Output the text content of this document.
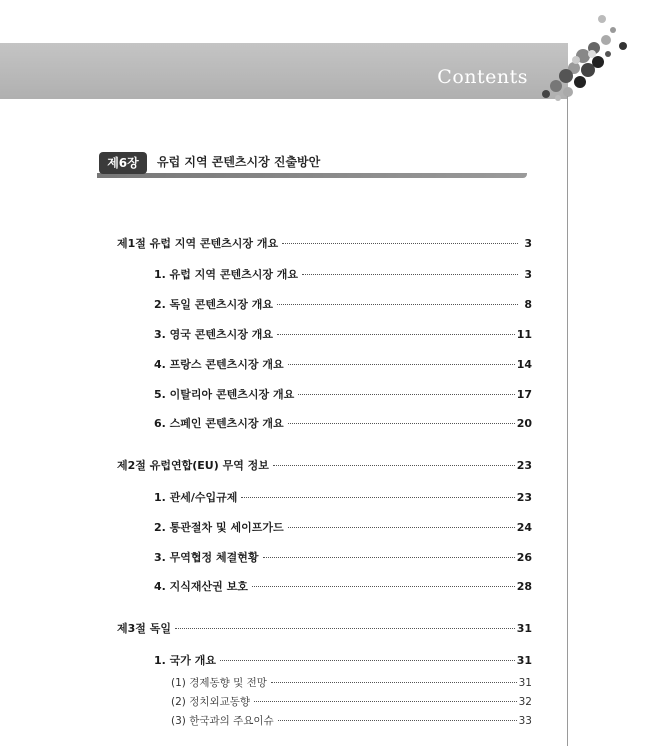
Contents
제6장	유럽 지역 콘텐츠시장 진출방안
제1절 유럽 지역 콘텐츠시장 개요	3
1. 유럽 지역 콘텐츠시장 개요	3
2. 독일 콘텐츠시장 개요	8
3. 영국 콘텐츠시장 개요	11
4. 프랑스 콘텐츠시장 개요	14
5. 이탈리아 콘텐츠시장 개요	17
6. 스페인 콘텐츠시장 개요	20
제2절 유럽연합(EU) 무역 정보	23
1. 관세/수입규제	23
2. 통관절차 및 세이프가드	24
3. 무역협정 체결현황	26
4. 지식재산권 보호	28
제3절 독일	31
1. 국가 개요	31
(1) 경제동향 및 전망	31
(2) 정치외교동향	32
(3) 한국과의 주요이슈	33
